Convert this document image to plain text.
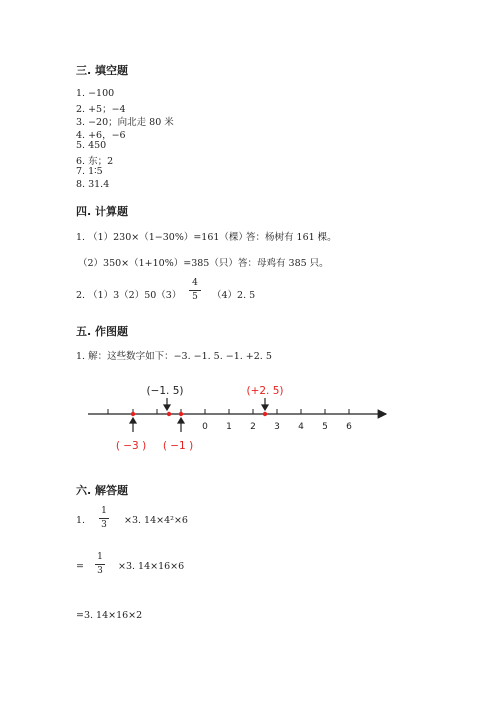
三. 填空题
1. −100
2. +5；−4
3. −20；向北走 80 米
4. +6，−6
5. 450
6. 东；2
7. 1∶5
8. 31.4
四. 计算题
1. （1）230×（1−30%）=161（棵）
答：杨树有 161 棵。
（2）350×（1+10%）=385（只） 答：母鸡有 385 只。
2. （1）3（2）50（3）
4
5	（4）2. 5
五. 作图题
1. 解：这些数字如下：−3. −1. 5. −1. +2. 5
0 1 2 3 4 5 6
(−1. 5)	(+2. 5)
( −3 ) ( −1 )
六. 解答题
1.
1
3 ×3. 14×4²×6
=
1
3 ×3. 14×16×6
=3. 14×16×2
